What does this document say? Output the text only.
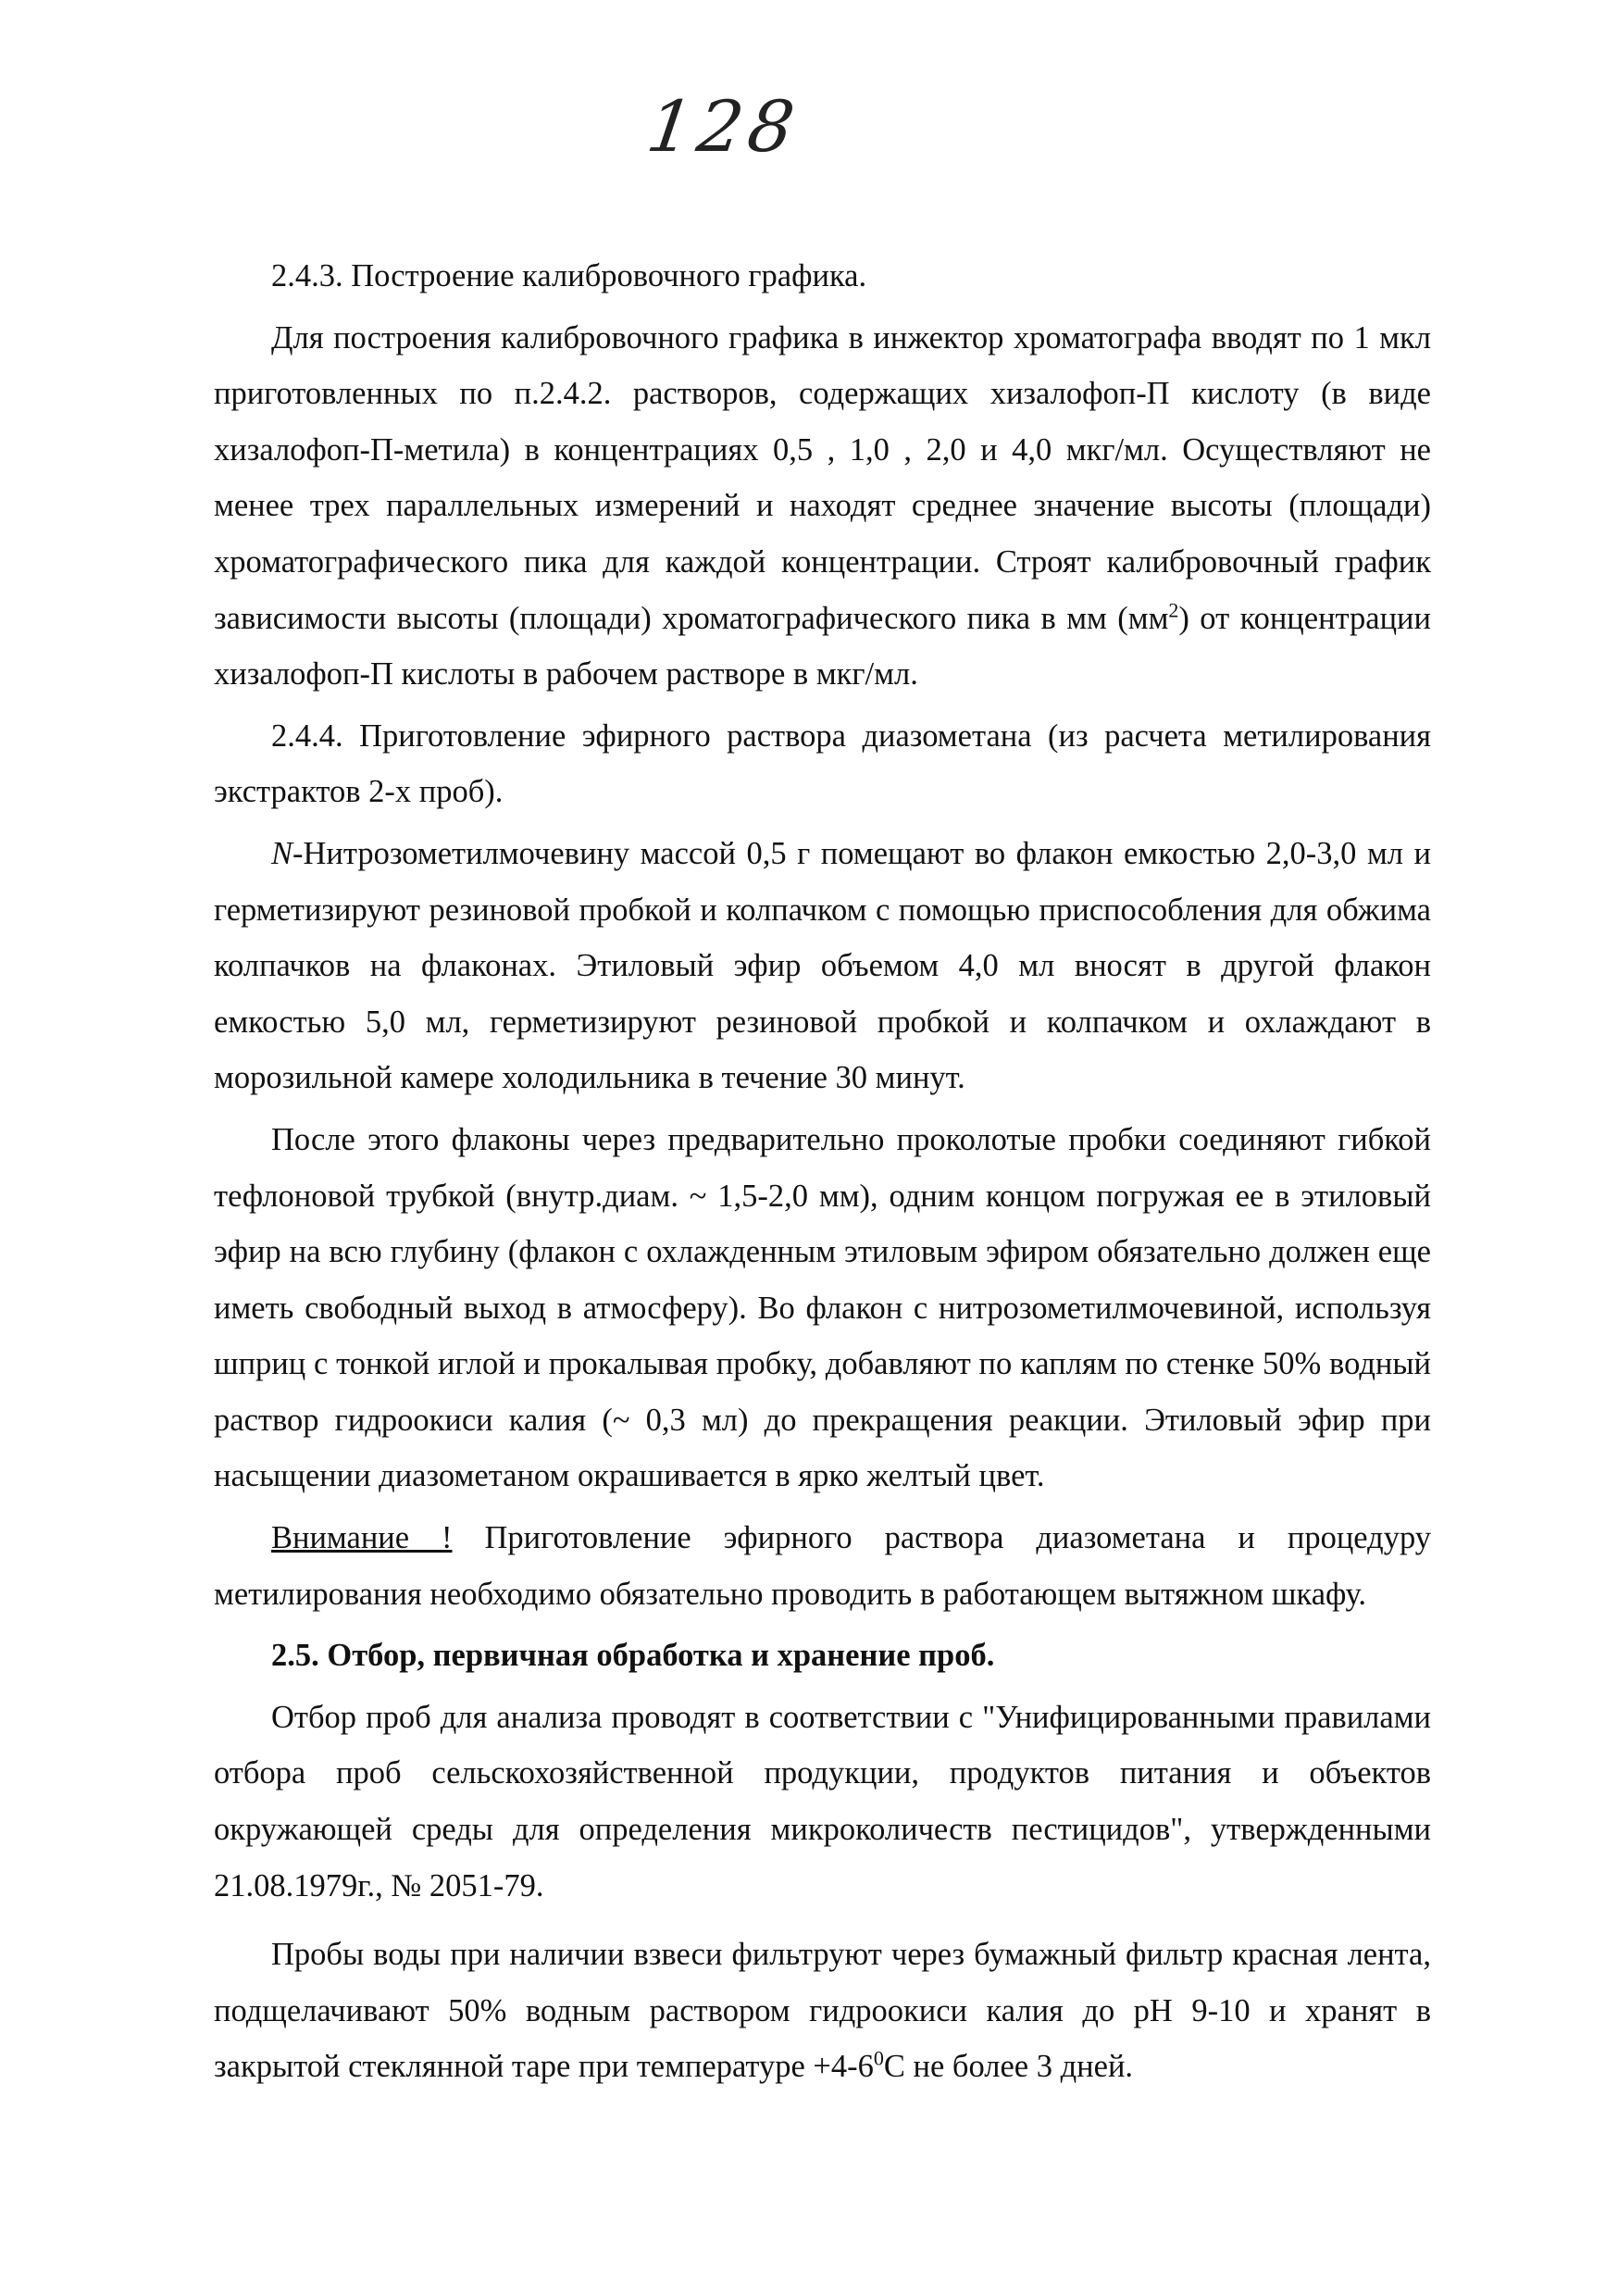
128

2.4.3. Построение калибровочного графика.

Для построения калибровочного графика в инжектор хроматографа вводят по 1 мкл приготовленных по п.2.4.2. растворов, содержащих хизалофоп-П кислоту (в виде хизалофоп-П-метила) в концентрациях 0,5 , 1,0 , 2,0 и 4,0 мкг/мл. Осуществляют не менее трех параллельных измерений и находят среднее значение высоты (площади) хроматографического пика для каждой концентрации. Строят калибровочный график зависимости высоты (площади) хроматографического пика в мм $(мм^2)$ от концентрации хизалофоп-П кислоты в рабочем растворе в мкг/мл.

2.4.4. Приготовление эфирного раствора диазометана (из расчета метилирования экстрактов 2-х проб).

N-Нитрозометилмочевину массой 0,5 г помещают во флакон емкостью 2,0-3,0 мл и герметизируют резиновой пробкой и колпачком с помощью приспособления для обжима колпачков на флаконах. Этиловый эфир объемом 4,0 мл вносят в другой флакон емкостью 5,0 мл, герметизируют резиновой пробкой и колпачком и охлаждают в морозильной камере холодильника в течение 30 минут.

После этого флаконы через предварительно проколотые пробки соединяют гибкой тефлоновой трубкой (внутр.диам. ~ 1,5-2,0 мм), одним концом погружая ее в этиловый эфир на всю глубину (флакон с охлажденным этиловым эфиром обязательно должен еще иметь свободный выход в атмосферу). Во флакон с нитрозометилмочевиной, используя шприц с тонкой иглой и прокалывая пробку, добавляют по каплям по стенке 50% водный раствор гидроокиси калия (~ 0,3 мл) до прекращения реакции. Этиловый эфир при насыщении диазометаном окрашивается в ярко желтый цвет.

Внимание ! Приготовление эфирного раствора диазометана и процедуру метилирования необходимо обязательно проводить в работающем вытяжном шкафу.

2.5. Отбор, первичная обработка и хранение проб.

Отбор проб для анализа проводят в соответствии с "Унифицированными правилами отбора проб сельскохозяйственной продукции, продуктов питания и объектов окружающей среды для определения микроколичеств пестицидов", утвержденными 21.08.1979г., № 2051-79.

Пробы воды при наличии взвеси фильтруют через бумажный фильтр красная лента, подщелачивают 50% водным раствором гидроокиси калия до рН 9-10 и хранят в закрытой стеклянной таре при температуре $+4-6^0С$ не более 3 дней.
